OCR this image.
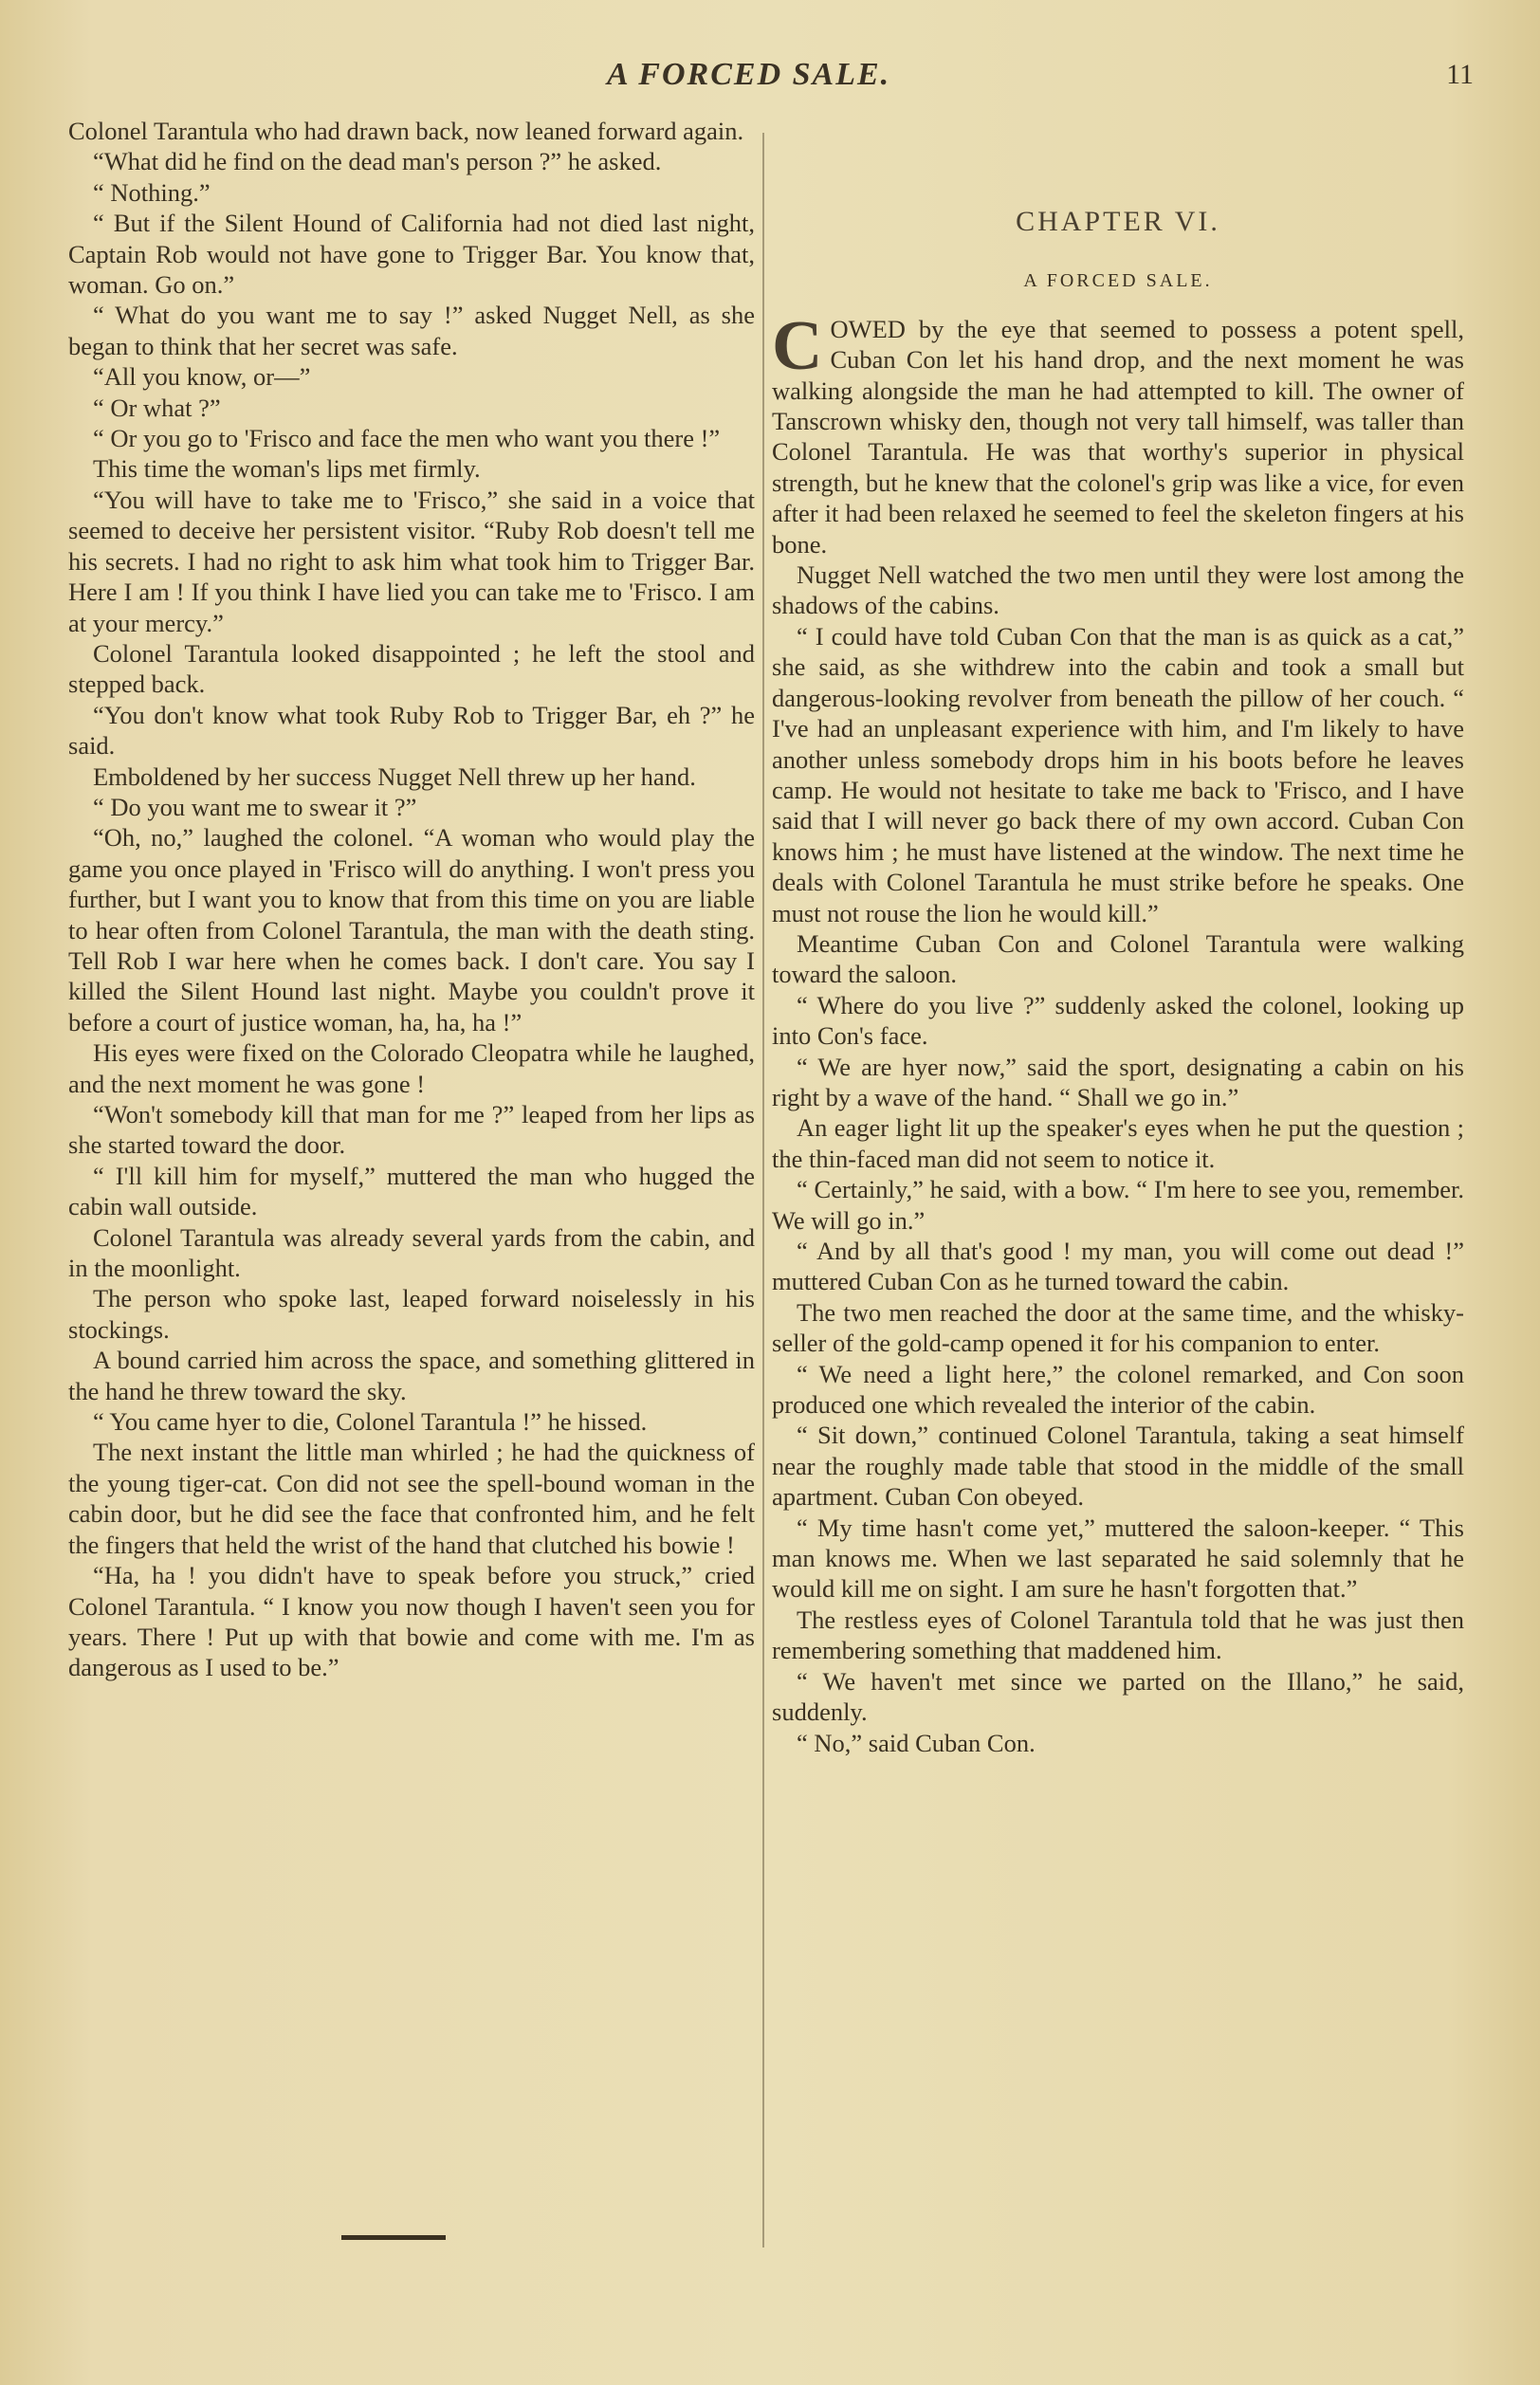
A FORCED SALE.	11

Colonel Tarantula who had drawn back, now leaned forward again.

“What did he find on the dead man's person ?” he asked.

“ Nothing.”

“ But if the Silent Hound of California had not died last night, Captain Rob would not have gone to Trigger Bar. You know that, woman. Go on.”

“ What do you want me to say !” asked Nugget Nell, as she began to think that her secret was safe.

“All you know, or—”

“ Or what ?”

“ Or you go to 'Frisco and face the men who want you there !”

This time the woman's lips met firmly.

“You will have to take me to 'Frisco,” she said in a voice that seemed to deceive her persistent visitor. “Ruby Rob doesn't tell me his secrets. I had no right to ask him what took him to Trigger Bar. Here I am ! If you think I have lied you can take me to 'Frisco. I am at your mercy.”

Colonel Tarantula looked disappointed ; he left the stool and stepped back.

“You don't know what took Ruby Rob to Trigger Bar, eh ?” he said.

Emboldened by her success Nugget Nell threw up her hand.

“ Do you want me to swear it ?”

“Oh, no,” laughed the colonel. “A woman who would play the game you once played in 'Frisco will do anything. I won't press you further, but I want you to know that from this time on you are liable to hear often from Colonel Tarantula, the man with the death sting. Tell Rob I war here when he comes back. I don't care. You say I killed the Silent Hound last night. Maybe you couldn't prove it before a court of justice woman, ha, ha, ha !”

His eyes were fixed on the Colorado Cleopatra while he laughed, and the next moment he was gone !

“Won't somebody kill that man for me ?” leaped from her lips as she started toward the door.

“ I'll kill him for myself,” muttered the man who hugged the cabin wall outside.

Colonel Tarantula was already several yards from the cabin, and in the moonlight.

The person who spoke last, leaped forward noiselessly in his stockings.

A bound carried him across the space, and something glittered in the hand he threw toward the sky.

“ You came hyer to die, Colonel Tarantula !” he hissed.

The next instant the little man whirled ; he had the quickness of the young tiger-cat. Con did not see the spell-bound woman in the cabin door, but he did see the face that confronted him, and he felt the fingers that held the wrist of the hand that clutched his bowie !

“Ha, ha ! you didn't have to speak before you struck,” cried Colonel Tarantula. “ I know you now though I haven't seen you for years. There ! Put up with that bowie and come with me. I'm as dangerous as I used to be.”

CHAPTER VI.
A FORCED SALE.

COWED by the eye that seemed to possess a potent spell, Cuban Con let his hand drop, and the next moment he was walking alongside the man he had attempted to kill. The owner of Tanscrown whisky den, though not very tall himself, was taller than Colonel Tarantula. He was that worthy's superior in physical strength, but he knew that the colonel's grip was like a vice, for even after it had been relaxed he seemed to feel the skeleton fingers at his bone.

Nugget Nell watched the two men until they were lost among the shadows of the cabins.

“ I could have told Cuban Con that the man is as quick as a cat,” she said, as she withdrew into the cabin and took a small but dangerous-looking revolver from beneath the pillow of her couch. “ I've had an unpleasant experience with him, and I'm likely to have another unless somebody drops him in his boots before he leaves camp. He would not hesitate to take me back to 'Frisco, and I have said that I will never go back there of my own accord. Cuban Con knows him ; he must have listened at the window. The next time he deals with Colonel Tarantula he must strike before he speaks. One must not rouse the lion he would kill.”

Meantime Cuban Con and Colonel Tarantula were walking toward the saloon.

“ Where do you live ?” suddenly asked the colonel, looking up into Con's face.

“ We are hyer now,” said the sport, designating a cabin on his right by a wave of the hand. “ Shall we go in.”

An eager light lit up the speaker's eyes when he put the question ; the thin-faced man did not seem to notice it.

“ Certainly,” he said, with a bow. “ I'm here to see you, remember. We will go in.”

“ And by all that's good ! my man, you will come out dead !” muttered Cuban Con as he turned toward the cabin.

The two men reached the door at the same time, and the whisky-seller of the gold-camp opened it for his companion to enter.

“ We need a light here,” the colonel remarked, and Con soon produced one which revealed the interior of the cabin.

“ Sit down,” continued Colonel Tarantula, taking a seat himself near the roughly made table that stood in the middle of the small apartment. Cuban Con obeyed.

“ My time hasn't come yet,” muttered the saloon-keeper. “ This man knows me. When we last separated he said solemnly that he would kill me on sight. I am sure he hasn't forgotten that.”

The restless eyes of Colonel Tarantula told that he was just then remembering something that maddened him.

“ We haven't met since we parted on the Illano,” he said, suddenly.

“ No,” said Cuban Con.
